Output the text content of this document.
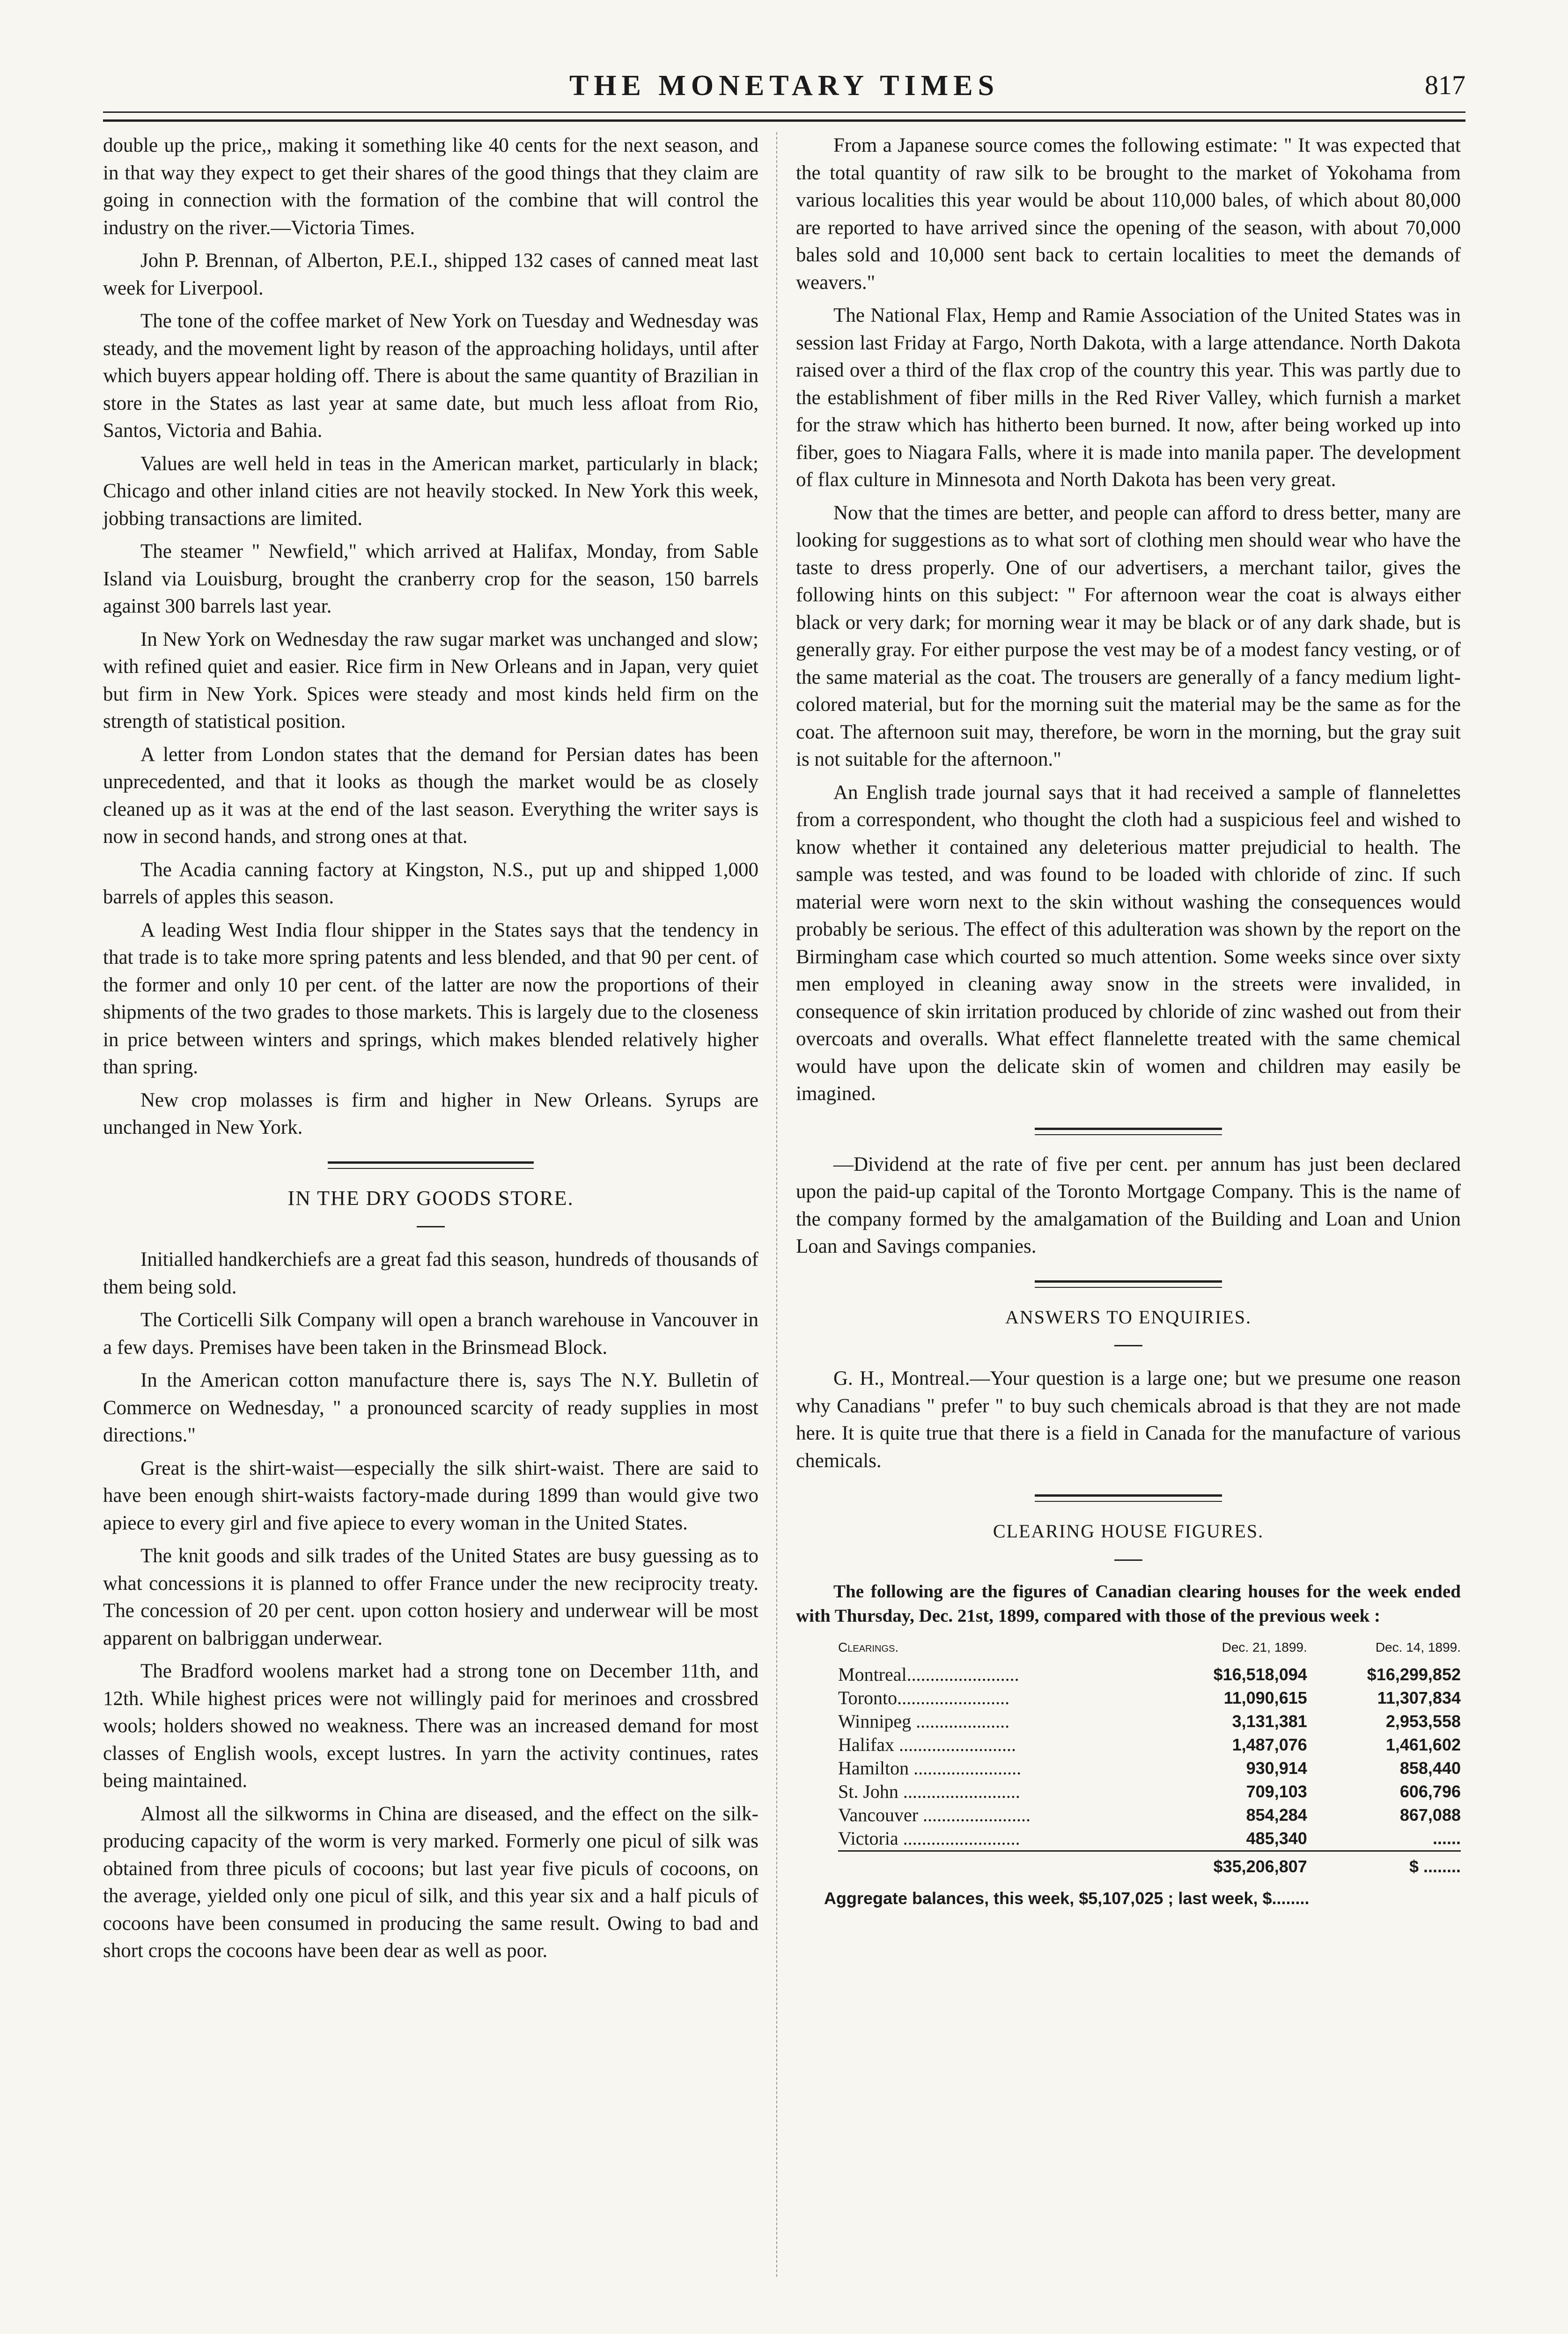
THE MONETARY TIMES	817

double up the price,, making it something like 40 cents for the next season, and in that way they expect to get their shares of the good things that they claim are going in connection with the formation of the combine that will control the industry on the river.—Victoria Times.

John P. Brennan, of Alberton, P.E.I., shipped 132 cases of canned meat last week for Liverpool.

The tone of the coffee market of New York on Tuesday and Wednesday was steady, and the movement light by reason of the approaching holidays, until after which buyers appear holding off. There is about the same quantity of Brazilian in store in the States as last year at same date, but much less afloat from Rio, Santos, Victoria and Bahia.

Values are well held in teas in the American market, particularly in black; Chicago and other inland cities are not heavily stocked. In New York this week, jobbing transactions are limited.

The steamer " Newfield," which arrived at Halifax, Monday, from Sable Island via Louisburg, brought the cranberry crop for the season, 150 barrels against 300 barrels last year.

In New York on Wednesday the raw sugar market was unchanged and slow; with refined quiet and easier. Rice firm in New Orleans and in Japan, very quiet but firm in New York. Spices were steady and most kinds held firm on the strength of statistical position.

A letter from London states that the demand for Persian dates has been unprecedented, and that it looks as though the market would be as closely cleaned up as it was at the end of the last season. Everything the writer says is now in second hands, and strong ones at that.

The Acadia canning factory at Kingston, N.S., put up and shipped 1,000 barrels of apples this season.

A leading West India flour shipper in the States says that the tendency in that trade is to take more spring patents and less blended, and that 90 per cent. of the former and only 10 per cent. of the latter are now the proportions of their shipments of the two grades to those markets. This is largely due to the closeness in price between winters and springs, which makes blended relatively higher than spring.

New crop molasses is firm and higher in New Orleans. Syrups are unchanged in New York.

IN THE DRY GOODS STORE.

Initialled handkerchiefs are a great fad this season, hundreds of thousands of them being sold.

The Corticelli Silk Company will open a branch warehouse in Vancouver in a few days. Premises have been taken in the Brinsmead Block.

In the American cotton manufacture there is, says The N.Y. Bulletin of Commerce on Wednesday, " a pronounced scarcity of ready supplies in most directions."

Great is the shirt-waist—especially the silk shirt-waist. There are said to have been enough shirt-waists factory-made during 1899 than would give two apiece to every girl and five apiece to every woman in the United States.

The knit goods and silk trades of the United States are busy guessing as to what concessions it is planned to offer France under the new reciprocity treaty. The concession of 20 per cent. upon cotton hosiery and underwear will be most apparent on balbriggan underwear.

The Bradford woolens market had a strong tone on December 11th, and 12th. While highest prices were not willingly paid for merinoes and crossbred wools; holders showed no weakness. There was an increased demand for most classes of English wools, except lustres. In yarn the activity continues, rates being maintained.

Almost all the silkworms in China are diseased, and the effect on the silk-producing capacity of the worm is very marked. Formerly one picul of silk was obtained from three piculs of cocoons; but last year five piculs of cocoons, on the average, yielded only one picul of silk, and this year six and a half piculs of cocoons have been consumed in producing the same result. Owing to bad and short crops the cocoons have been dear as well as poor.

From a Japanese source comes the following estimate: " It was expected that the total quantity of raw silk to be brought to the market of Yokohama from various localities this year would be about 110,000 bales, of which about 80,000 are reported to have arrived since the opening of the season, with about 70,000 bales sold and 10,000 sent back to certain localities to meet the demands of weavers."

The National Flax, Hemp and Ramie Association of the United States was in session last Friday at Fargo, North Dakota, with a large attendance. North Dakota raised over a third of the flax crop of the country this year. This was partly due to the establishment of fiber mills in the Red River Valley, which furnish a market for the straw which has hitherto been burned. It now, after being worked up into fiber, goes to Niagara Falls, where it is made into manila paper. The development of flax culture in Minnesota and North Dakota has been very great.

Now that the times are better, and people can afford to dress better, many are looking for suggestions as to what sort of clothing men should wear who have the taste to dress properly. One of our advertisers, a merchant tailor, gives the following hints on this subject: " For afternoon wear the coat is always either black or very dark; for morning wear it may be black or of any dark shade, but is generally gray. For either purpose the vest may be of a modest fancy vesting, or of the same material as the coat. The trousers are generally of a fancy medium light-colored material, but for the morning suit the material may be the same as for the coat. The afternoon suit may, therefore, be worn in the morning, but the gray suit is not suitable for the afternoon."

An English trade journal says that it had received a sample of flannelettes from a correspondent, who thought the cloth had a suspicious feel and wished to know whether it contained any deleterious matter prejudicial to health. The sample was tested, and was found to be loaded with chloride of zinc. If such material were worn next to the skin without washing the consequences would probably be serious. The effect of this adulteration was shown by the report on the Birmingham case which courted so much attention. Some weeks since over sixty men employed in cleaning away snow in the streets were invalided, in consequence of skin irritation produced by chloride of zinc washed out from their overcoats and overalls. What effect flannelette treated with the same chemical would have upon the delicate skin of women and children may easily be imagined.

—Dividend at the rate of five per cent. per annum has just been declared upon the paid-up capital of the Toronto Mortgage Company. This is the name of the company formed by the amalgamation of the Building and Loan and Union Loan and Savings companies.

ANSWERS TO ENQUIRIES.

G. H., Montreal.—Your question is a large one; but we presume one reason why Canadians " prefer " to buy such chemicals abroad is that they are not made here. It is quite true that there is a field in Canada for the manufacture of various chemicals.

CLEARING HOUSE FIGURES.

The following are the figures of Canadian clearing houses for the week ended with Thursday, Dec. 21st, 1899, compared with those of the previous week :

Clearings.	Dec. 21, 1899.	Dec. 14, 1899.
Montreal........................	$16,518,094	$16,299,852
Toronto........................	11,090,615	11,307,834
Winnipeg ....................	3,131,381	2,953,558
Halifax .........................	1,487,076	1,461,602
Hamilton .......................	930,914	858,440
St. John .........................	709,103	606,796
Vancouver .......................	854,284	867,088
Victoria .........................	485,340	......
	$35,206,807	$ ........
Aggregate balances, this week, $5,107,025 ; last week, $........
